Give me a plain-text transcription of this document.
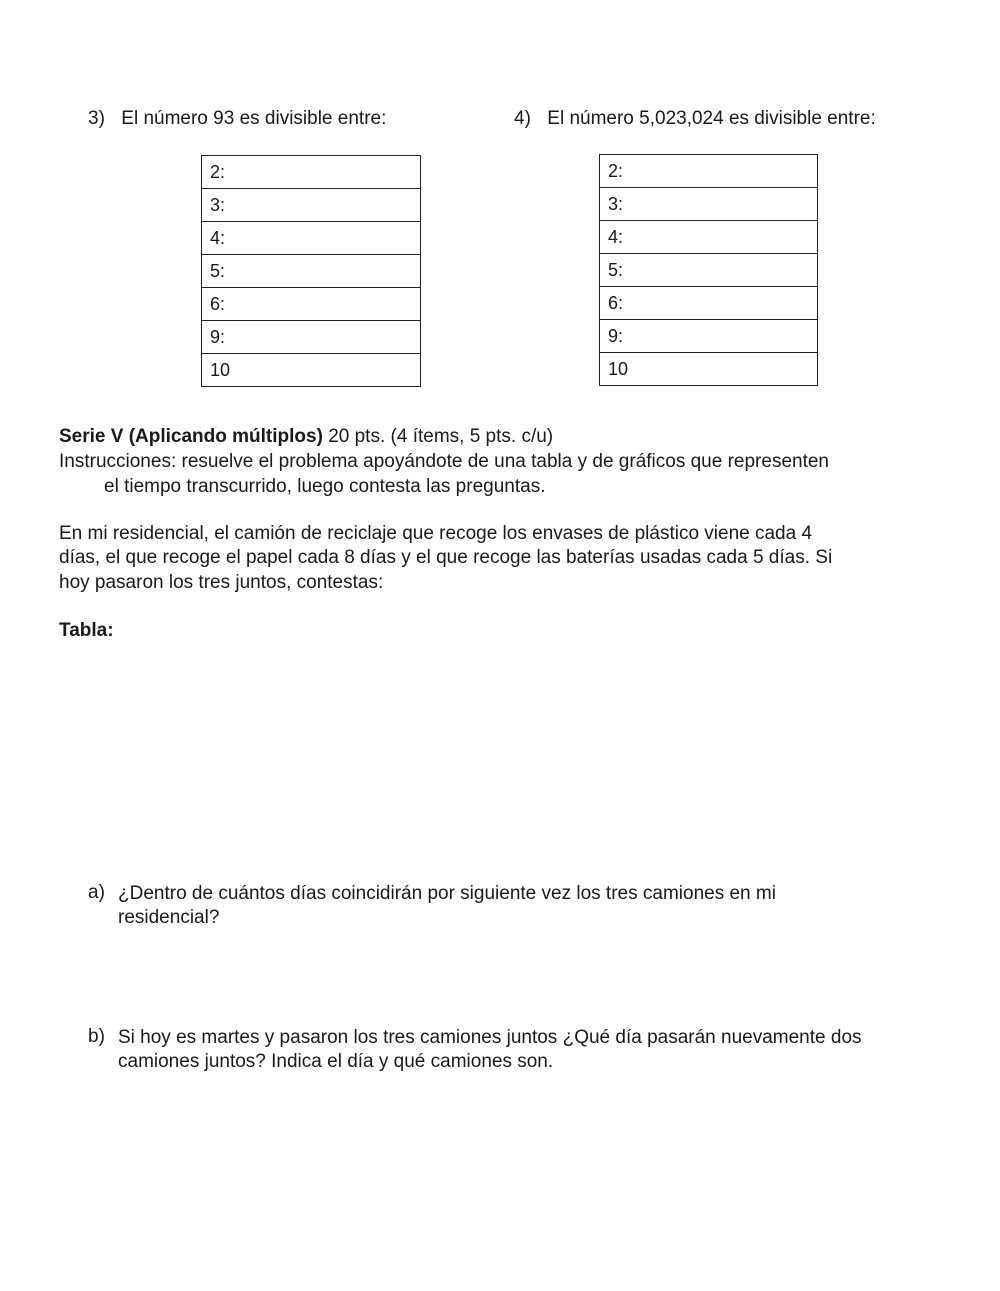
3) El número 93 es divisible entre:
2:
3:
4:
5:
6:
9:
10
4) El número 5,023,024 es divisible entre:
2:
3:
4:
5:
6:
9:
10
Serie V (Aplicando múltiplos) 20 pts. (4 ítems, 5 pts. c/u)
Instrucciones: resuelve el problema apoyándote de una tabla y de gráficos que representen
el tiempo transcurrido, luego contesta las preguntas.
En mi residencial, el camión de reciclaje que recoge los envases de plástico viene cada 4
días, el que recoge el papel cada 8 días y el que recoge las baterías usadas cada 5 días. Si
hoy pasaron los tres juntos, contestas:
Tabla:
a) ¿Dentro de cuántos días coincidirán por siguiente vez los tres camiones en mi
residencial?
b) Si hoy es martes y pasaron los tres camiones juntos ¿Qué día pasarán nuevamente dos
camiones juntos? Indica el día y qué camiones son.
